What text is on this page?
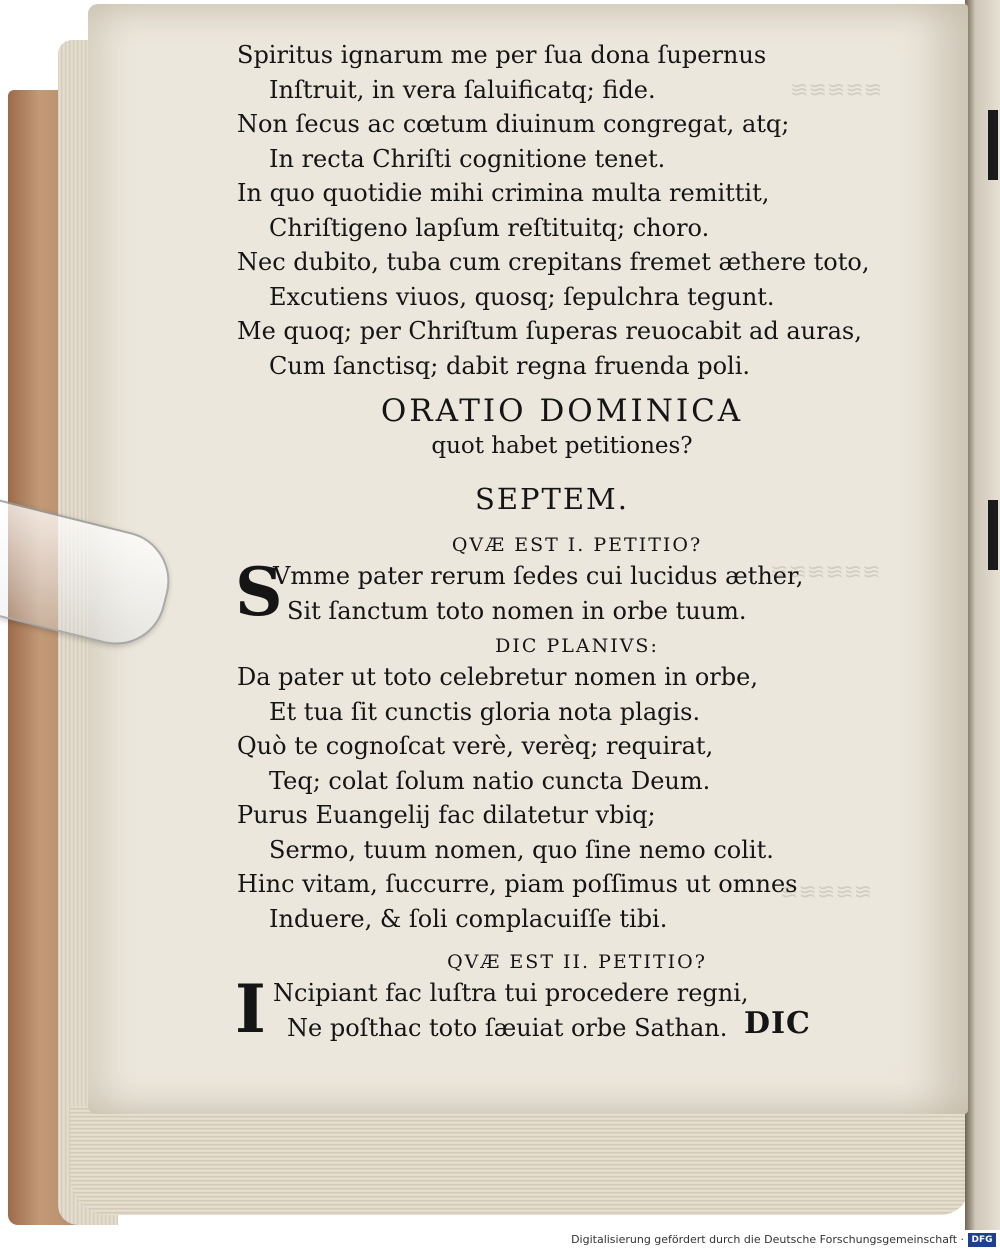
≋≋≋≋≋
≋≋≋≋≋≋
≋≋≋≋≋
Spiritus ignarum me per ſua dona ſupernus
Inſtruit, in vera ſaluificatq; fide.
Non ſecus ac cœtum diuinum congregat, atq;
In recta Chriſti cognitione tenet.
In quo quotidie mihi crimina multa remittit,
Chriſtigeno lapſum reſtituitq; choro.
Nec dubito, tuba cum crepitans fremet æthere toto,
Excutiens viuos, quosq; ſepulchra tegunt.
Me quoq; per Chriſtum ſuperas reuocabit ad auras,
Cum ſanctisq; dabit regna fruenda poli.
ORATIO DOMINICA
quot habet petitiones?
SEPTEM.
QVÆ EST I. PETITIO?
S
Vmme pater rerum ſedes cui lucidus æther,
Sit ſanctum toto nomen in orbe tuum.
DIC PLANIVS:
Da pater ut toto celebretur nomen in orbe,
Et tua ſit cunctis gloria nota plagis.
Quò te cognoſcat verè, verèq; requirat,
Teq; colat ſolum natio cuncta Deum.
Purus Euangelij fac dilatetur vbiq;
Sermo, tuum nomen, quo ſine nemo colit.
Hinc vitam, ſuccurre, piam poſſimus ut omnes
Induere, & ſoli complacuiſſe tibi.
QVÆ EST II. PETITIO?
I Ncipiant fac luſtra tui procedere regni,
Ne poſthac toto ſæuiat orbe Sathan. DIC
Digitalisierung gefördert durch die Deutsche Forschungsgemeinschaft · DFG
